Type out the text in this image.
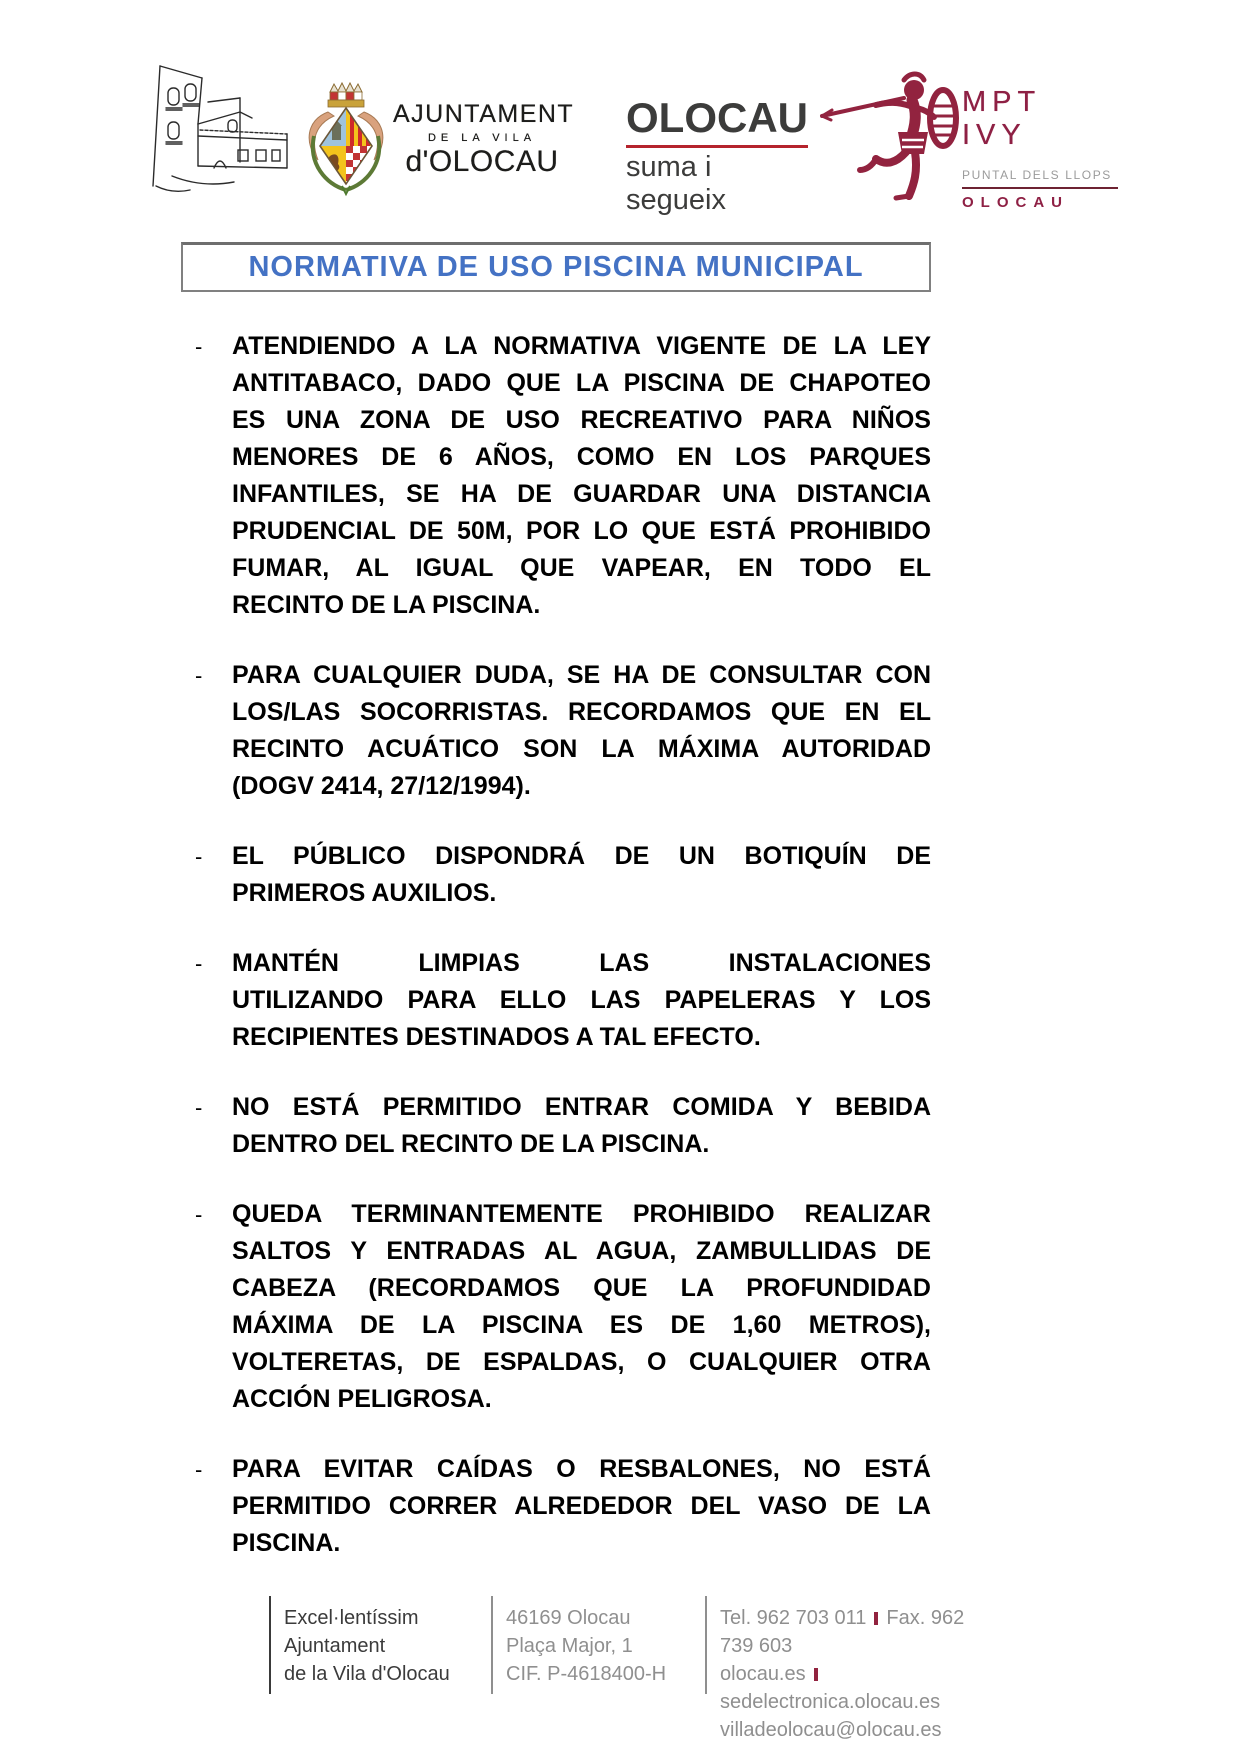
AJUNTAMENT
DE LA VILA
d'OLOCAU
OLOCAU
suma i segueix
MPT IVY
PUNTAL DELS LLOPS
OLOCAU
NORMATIVA DE USO PISCINA MUNICIPAL
- ATENDIENDO A LA NORMATIVA VIGENTE DE LA LEY
ANTITABACO, DADO QUE LA PISCINA DE CHAPOTEO
ES UNA ZONA DE USO RECREATIVO PARA NIÑOS
MENORES DE 6 AÑOS, COMO EN LOS PARQUES
INFANTILES, SE HA DE GUARDAR UNA DISTANCIA
PRUDENCIAL DE 50M, POR LO QUE ESTÁ PROHIBIDO
FUMAR, AL IGUAL QUE VAPEAR, EN TODO EL
RECINTO DE LA PISCINA.
- PARA CUALQUIER DUDA, SE HA DE CONSULTAR CON
LOS/LAS SOCORRISTAS. RECORDAMOS QUE EN EL
RECINTO ACUÁTICO SON LA MÁXIMA AUTORIDAD
(DOGV 2414, 27/12/1994).
- EL PÚBLICO DISPONDRÁ DE UN BOTIQUÍN DE
PRIMEROS AUXILIOS.
- MANTÉN LIMPIAS LAS INSTALACIONES
UTILIZANDO PARA ELLO LAS PAPELERAS Y LOS
RECIPIENTES DESTINADOS A TAL EFECTO.
- NO ESTÁ PERMITIDO ENTRAR COMIDA Y BEBIDA
DENTRO DEL RECINTO DE LA PISCINA.
- QUEDA TERMINANTEMENTE PROHIBIDO REALIZAR
SALTOS Y ENTRADAS AL AGUA, ZAMBULLIDAS DE
CABEZA (RECORDAMOS QUE LA PROFUNDIDAD
MÁXIMA DE LA PISCINA ES DE 1,60 METROS),
VOLTERETAS, DE ESPALDAS, O CUALQUIER OTRA
ACCIÓN PELIGROSA.
- PARA EVITAR CAÍDAS O RESBALONES, NO ESTÁ
PERMITIDO CORRER ALREDEDOR DEL VASO DE LA
PISCINA.
Excel·lentíssim
Ajuntament
de la Vila d'Olocau
46169 Olocau
Plaça Major, 1
CIF. P-4618400-H
Tel. 962 703 011 Fax. 962 739 603
olocau.essedelectronica.olocau.es
villadeolocau@olocau.es
